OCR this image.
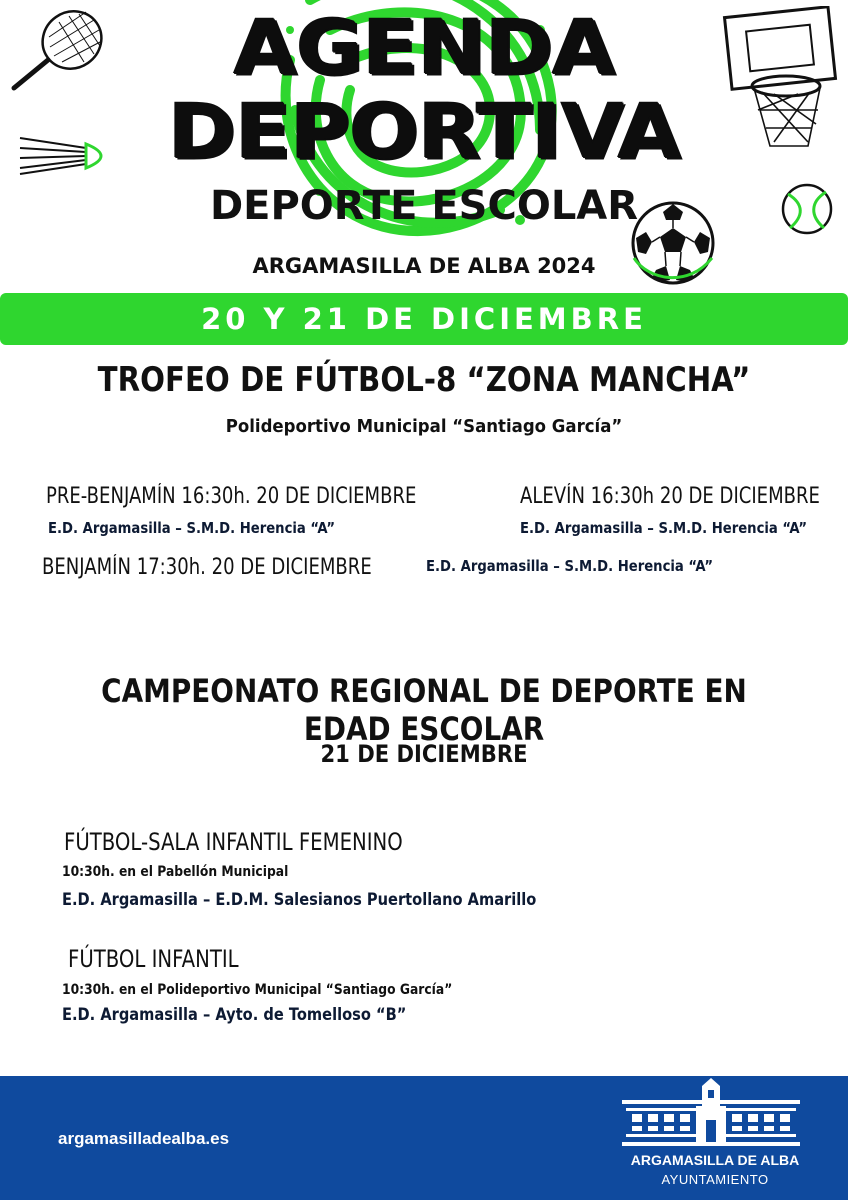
AGENDA
DEPORTIVA
DEPORTE ESCOLAR
ARGAMASILLA DE ALBA 2024
20 Y 21 DE DICIEMBRE
TROFEO DE FÚTBOL-8 “ZONA MANCHA”
Polideportivo Municipal “Santiago García”
PRE-BENJAMÍN 16:30h. 20 DE DICIEMBRE
E.D. Argamasilla – S.M.D. Herencia “A”
ALEVÍN 16:30h 20 DE DICIEMBRE
E.D. Argamasilla – S.M.D. Herencia “A”
BENJAMÍN 17:30h. 20 DE DICIEMBRE	E.D. Argamasilla – S.M.D. Herencia “A”
CAMPEONATO REGIONAL DE DEPORTE EN EDAD ESCOLAR
21 DE DICIEMBRE
FÚTBOL-SALA INFANTIL FEMENINO
10:30h. en el Pabellón Municipal
E.D. Argamasilla – E.D.M. Salesianos Puertollano Amarillo
FÚTBOL INFANTIL
10:30h. en el Polideportivo Municipal “Santiago García”
E.D. Argamasilla – Ayto. de Tomelloso “B”
argamasilladealba.es
ARGAMASILLA DE ALBA
AYUNTAMIENTO
